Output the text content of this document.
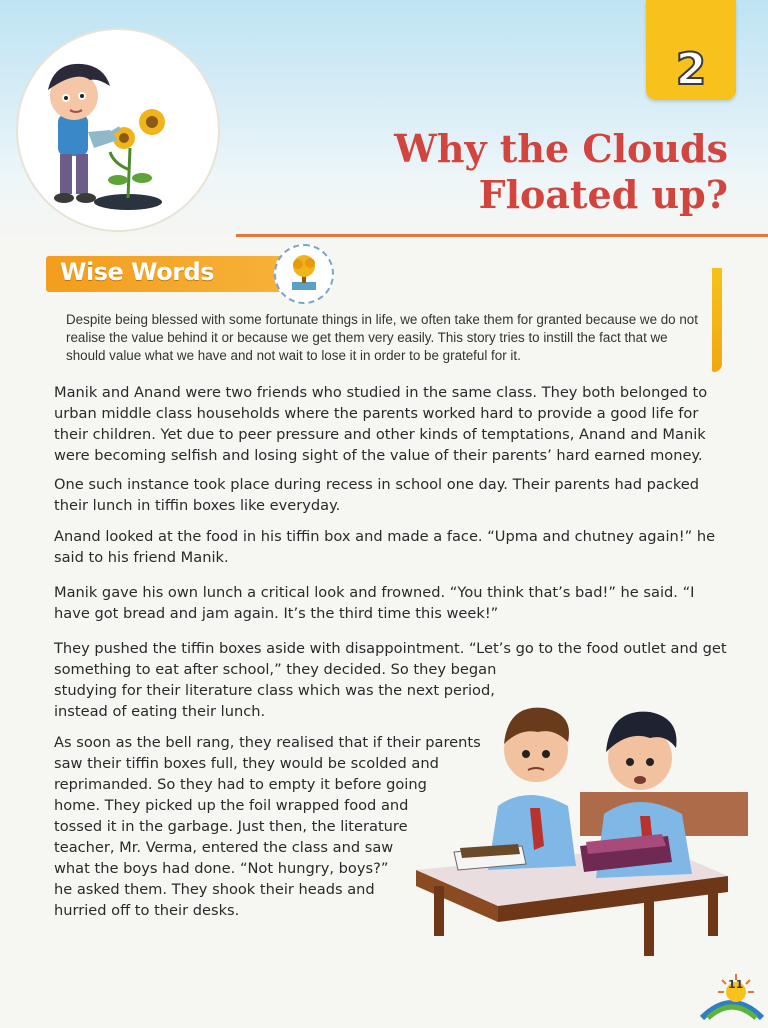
2
Why the Clouds
Floated up?
Wise Words

Despite being blessed with some fortunate things in life, we often take them for granted because we do not realise the value behind it or because we get them very easily. This story tries to instill the fact that we should value what we have and not wait to lose it in order to be grateful for it.

Manik and Anand were two friends who studied in the same class. They both belonged to urban middle class households where the parents worked hard to provide a good life for their children. Yet due to peer pressure and other kinds of temptations, Anand and Manik were becoming selfish and losing sight of the value of their parents’ hard earned money.

One such instance took place during recess in school one day. Their parents had packed their lunch in tiffin boxes like everyday.

Anand looked at the food in his tiffin box and made a face. “Upma and chutney again!” he said to his friend Manik.

Manik gave his own lunch a critical look and frowned. “You think that’s bad!” he said. “I have got bread and jam again. It’s the third time this week!”

They pushed the tiffin boxes aside with disappointment. “Let’s go to the food outlet and get
something to eat after school,” they decided. So they began
studying for their literature class which was the next period,
instead of eating their lunch.
As soon as the bell rang, they realised that if their parents
saw their tiffin boxes full, they would be scolded and
reprimanded. So they had to empty it before going
home. They picked up the foil wrapped food and
tossed it in the garbage. Just then, the literature
teacher, Mr. Verma, entered the class and saw
what the boys had done. “Not hungry, boys?”
he asked them. They shook their heads and
hurried off to their desks.
11
